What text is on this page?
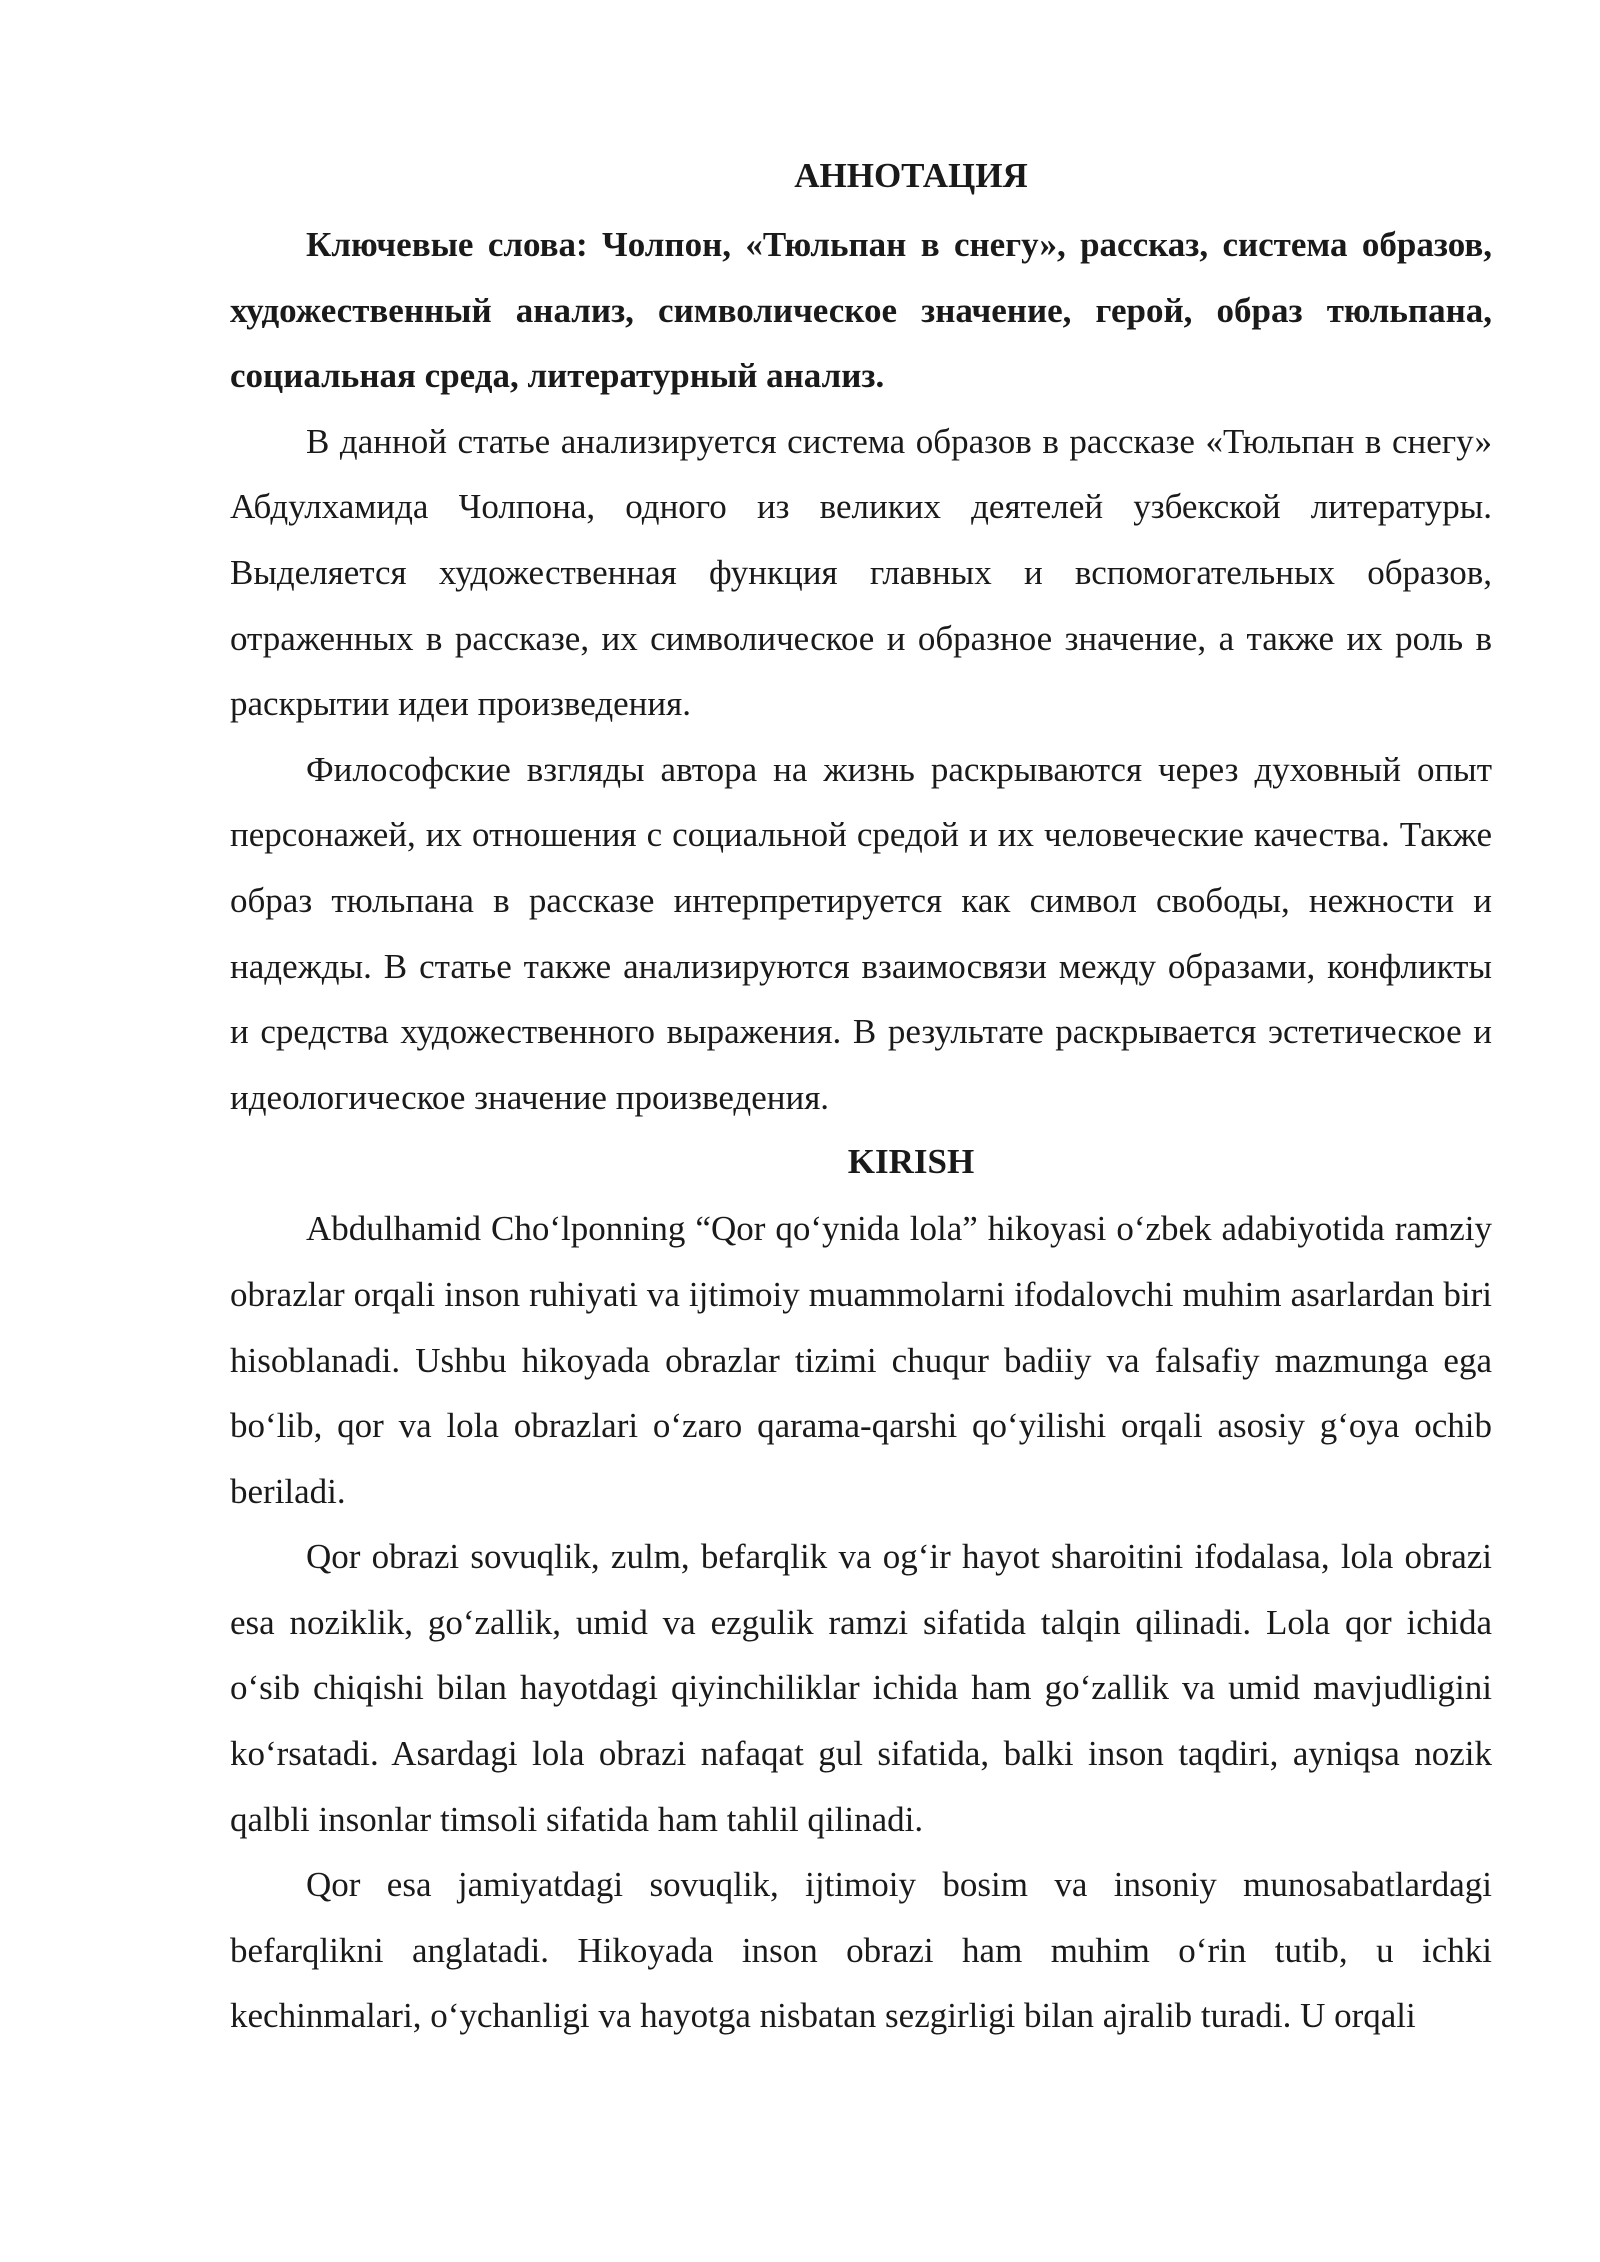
АННОТАЦИЯ

Ключевые слова: Чолпон, «Тюльпан в снегу», рассказ, система образов, художественный анализ, символическое значение, герой, образ тюльпана, социальная среда, литературный анализ.

В данной статье анализируется система образов в рассказе «Тюльпан в снегу» Абдулхамида Чолпона, одного из великих деятелей узбекской литературы. Выделяется художественная функция главных и вспомогательных образов, отраженных в рассказе, их символическое и образное значение, а также их роль в раскрытии идеи произведения.

Философские взгляды автора на жизнь раскрываются через духовный опыт персонажей, их отношения с социальной средой и их человеческие качества. Также образ тюльпана в рассказе интерпретируется как символ свободы, нежности и надежды. В статье также анализируются взаимосвязи между образами, конфликты и средства художественного выражения. В результате раскрывается эстетическое и идеологическое значение произведения.

KIRISH

Abdulhamid Choʻlponning “Qor qoʻynida lola” hikoyasi oʻzbek adabiyotida ramziy obrazlar orqali inson ruhiyati va ijtimoiy muammolarni ifodalovchi muhim asarlardan biri hisoblanadi. Ushbu hikoyada obrazlar tizimi chuqur badiiy va falsafiy mazmunga ega boʻlib, qor va lola obrazlari oʻzaro qarama-qarshi qoʻyilishi orqali asosiy gʻoya ochib beriladi.

Qor obrazi sovuqlik, zulm, befarqlik va ogʻir hayot sharoitini ifodalasa, lola obrazi esa noziklik, goʻzallik, umid va ezgulik ramzi sifatida talqin qilinadi. Lola qor ichida oʻsib chiqishi bilan hayotdagi qiyinchiliklar ichida ham goʻzallik va umid mavjudligini koʻrsatadi. Asardagi lola obrazi nafaqat gul sifatida, balki inson taqdiri, ayniqsa nozik qalbli insonlar timsoli sifatida ham tahlil qilinadi.

Qor esa jamiyatdagi sovuqlik, ijtimoiy bosim va insoniy munosabatlardagi befarqlikni anglatadi. Hikoyada inson obrazi ham muhim oʻrin tutib, u ichki kechinmalari, oʻychanligi va hayotga nisbatan sezgirligi bilan ajralib turadi. U orqali
